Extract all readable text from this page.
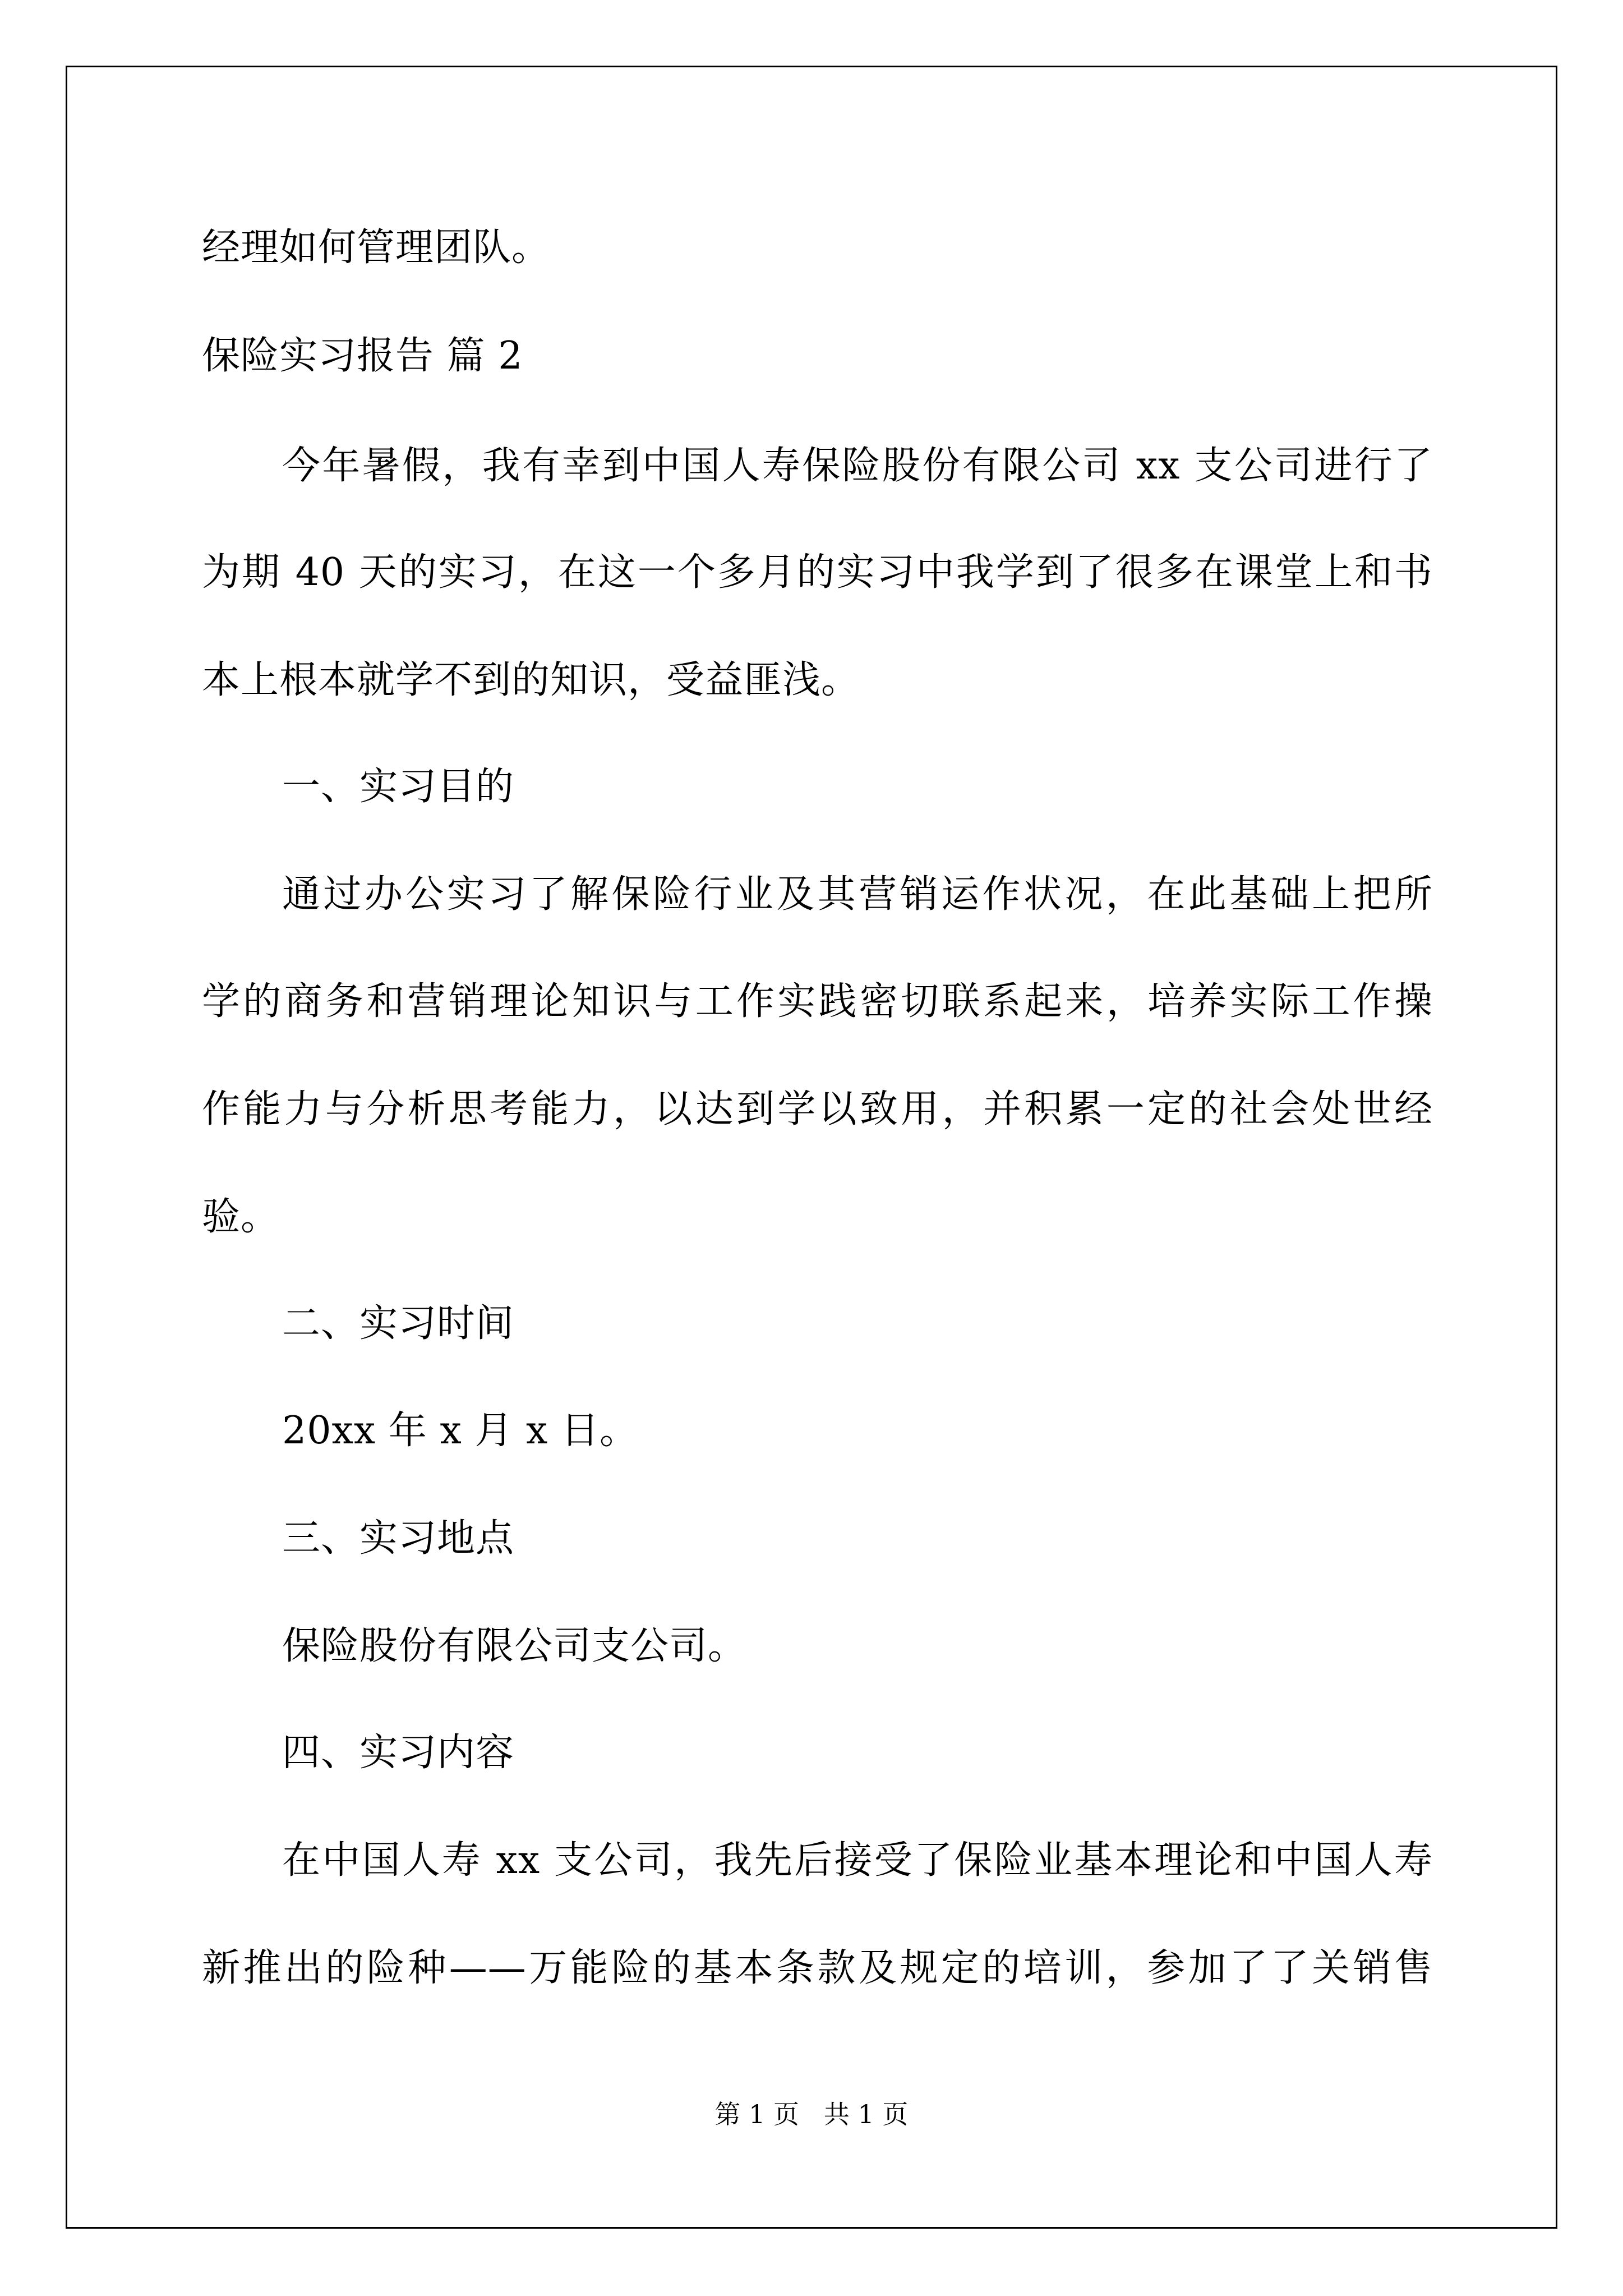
经理如何管理团队。
保险实习报告 篇 2
今年暑假，我有幸到中国人寿保险股份有限公司 xx 支公司进行了
为期 40 天的实习，在这一个多月的实习中我学到了很多在课堂上和书
本上根本就学不到的知识，受益匪浅。
一、实习目的
通过办公实习了解保险行业及其营销运作状况，在此基础上把所
学的商务和营销理论知识与工作实践密切联系起来，培养实际工作操
作能力与分析思考能力，以达到学以致用，并积累一定的社会处世经
验。
二、实习时间
20xx 年 x 月 x 日。
三、实习地点
保险股份有限公司支公司。
四、实习内容
在中国人寿 xx 支公司，我先后接受了保险业基本理论和中国人寿
新推出的险种——万能险的基本条款及规定的培训，参加了了关销售
第 1 页   共 1 页
